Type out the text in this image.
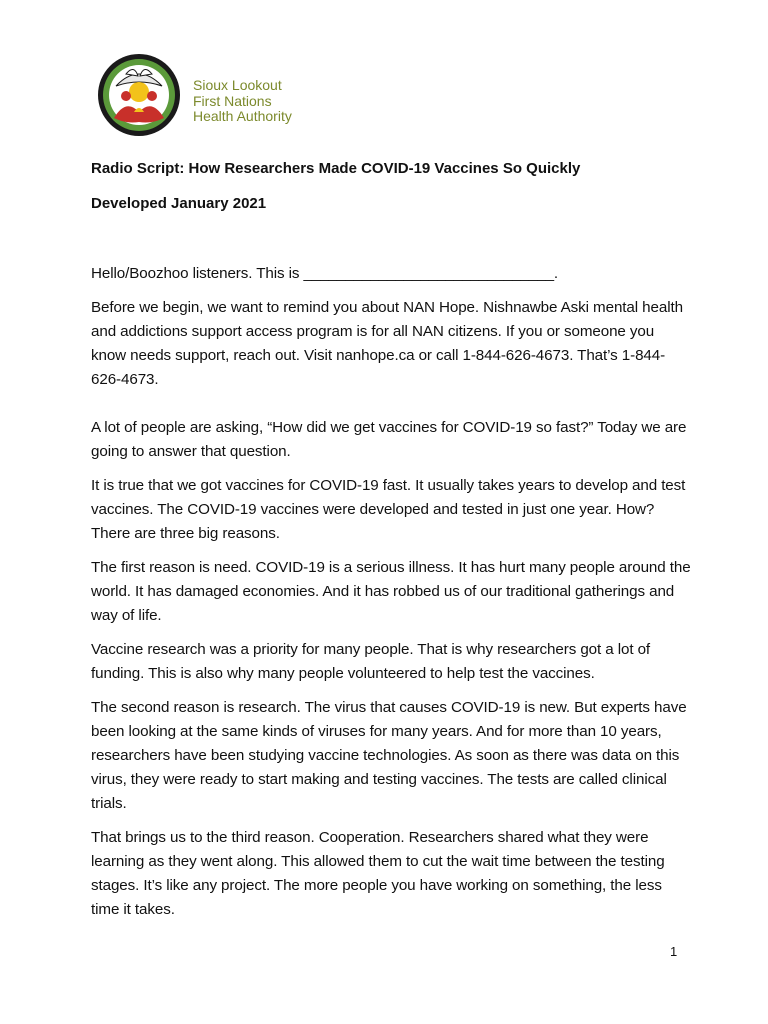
Sioux Lookout
First Nations
Health Authority
Radio Script: How Researchers Made COVID-19 Vaccines So Quickly
Developed January 2021

Hello/Boozhoo listeners. This is ______________________________.

Before we begin, we want to remind you about NAN Hope. Nishnawbe Aski mental health and addictions support access program is for all NAN citizens. If you or someone you know needs support, reach out. Visit nanhope.ca or call 1-844-626-4673. That’s 1-844-626-4673.

A lot of people are asking, “How did we get vaccines for COVID-19 so fast?” Today we are going to answer that question.

It is true that we got vaccines for COVID-19 fast. It usually takes years to develop and test vaccines. The COVID-19 vaccines were developed and tested in just one year. How? There are three big reasons.

The first reason is need. COVID-19 is a serious illness. It has hurt many people around the world. It has damaged economies. And it has robbed us of our traditional gatherings and way of life.

Vaccine research was a priority for many people. That is why researchers got a lot of funding. This is also why many people volunteered to help test the vaccines.

The second reason is research. The virus that causes COVID-19 is new. But experts have been looking at the same kinds of viruses for many years. And for more than 10 years, researchers have been studying vaccine technologies. As soon as there was data on this virus, they were ready to start making and testing vaccines. The tests are called clinical trials.

That brings us to the third reason. Cooperation. Researchers shared what they were learning as they went along. This allowed them to cut the wait time between the testing stages. It’s like any project. The more people you have working on something, the less time it takes.

1
